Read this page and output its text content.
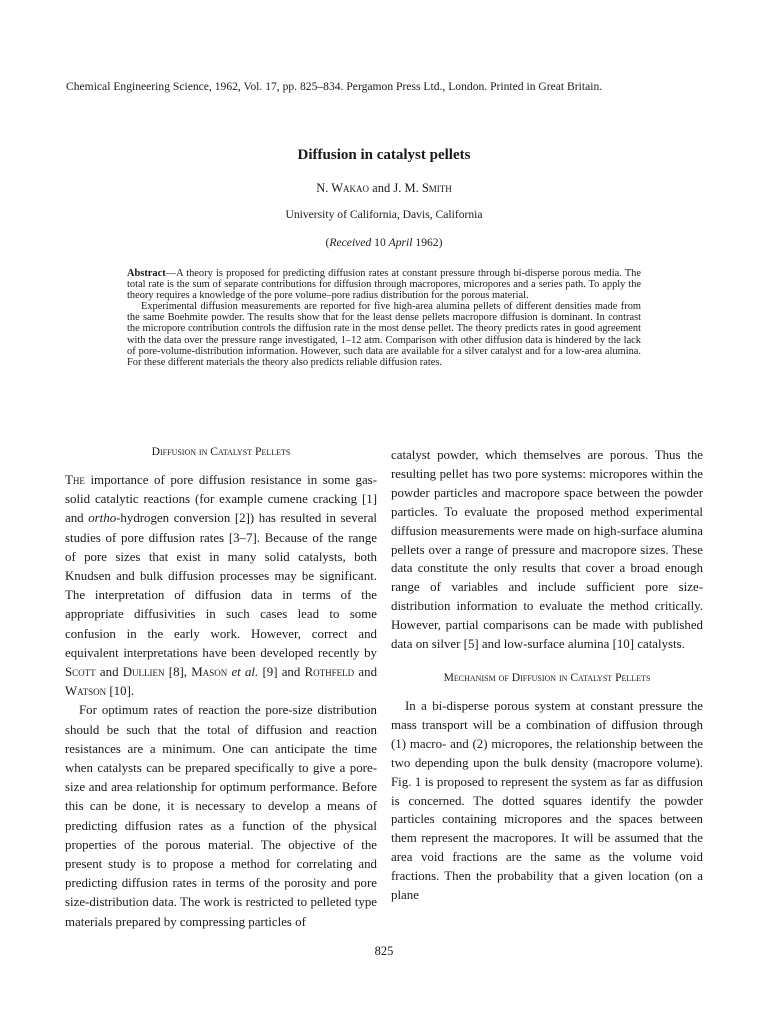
Chemical Engineering Science, 1962, Vol. 17, pp. 825–834. Pergamon Press Ltd., London. Printed in Great Britain.
Diffusion in catalyst pellets
N. Wakao and J. M. Smith
University of California, Davis, California
(Received 10 April 1962)

Abstract—A theory is proposed for predicting diffusion rates at constant pressure through bi-disperse porous media. The total rate is the sum of separate contributions for diffusion through macropores, micropores and a series path. To apply the theory requires a knowledge of the pore volume–pore radius distribution for the porous material.

Experimental diffusion measurements are reported for five high-area alumina pellets of different densities made from the same Boehmite powder. The results show that for the least dense pellets macropore diffusion is dominant. In contrast the micropore contribution controls the diffusion rate in the most dense pellet. The theory predicts rates in good agreement with the data over the pressure range investigated, 1–12 atm. Comparison with other diffusion data is hindered by the lack of pore-volume-distribution information. However, such data are available for a silver catalyst and for a low-area alumina. For these different materials the theory also predicts reliable diffusion rates.

Diffusion in Catalyst Pellets

The importance of pore diffusion resistance in some gas-solid catalytic reactions (for example cumene cracking [1] and ortho-hydrogen conversion [2]) has resulted in several studies of pore diffusion rates [3–7]. Because of the range of pore sizes that exist in many solid catalysts, both Knudsen and bulk diffusion processes may be significant. The interpretation of diffusion data in terms of the appropriate diffusivities in such cases lead to some confusion in the early work. However, correct and equivalent interpretations have been developed recently by Scott and Dullien [8], Mason et al. [9] and Rothfeld and Watson [10].

For optimum rates of reaction the pore-size distribution should be such that the total of diffusion and reaction resistances are a minimum. One can anticipate the time when catalysts can be prepared specifically to give a pore-size and area relationship for optimum performance. Before this can be done, it is necessary to develop a means of predicting diffusion rates as a function of the physical properties of the porous material. The objective of the present study is to propose a method for correlating and predicting diffusion rates in terms of the porosity and pore size-distribution data. The work is restricted to pelleted type materials prepared by compressing particles of

catalyst powder, which themselves are porous. Thus the resulting pellet has two pore systems: micropores within the powder particles and macropore space between the powder particles. To evaluate the proposed method experimental diffusion measurements were made on high-surface alumina pellets over a range of pressure and macropore sizes. These data constitute the only results that cover a broad enough range of variables and include sufficient pore size-distribution information to evaluate the method critically. However, partial comparisons can be made with published data on silver [5] and low-surface alumina [10] catalysts.

Mechanism of Diffusion in Catalyst Pellets

In a bi-disperse porous system at constant pressure the mass transport will be a combination of diffusion through (1) macro- and (2) micropores, the relationship between the two depending upon the bulk density (macropore volume). Fig. 1 is proposed to represent the system as far as diffusion is concerned. The dotted squares identify the powder particles containing micropores and the spaces between them represent the macropores. It will be assumed that the area void fractions are the same as the volume void fractions. Then the probability that a given location (on a plane

825
